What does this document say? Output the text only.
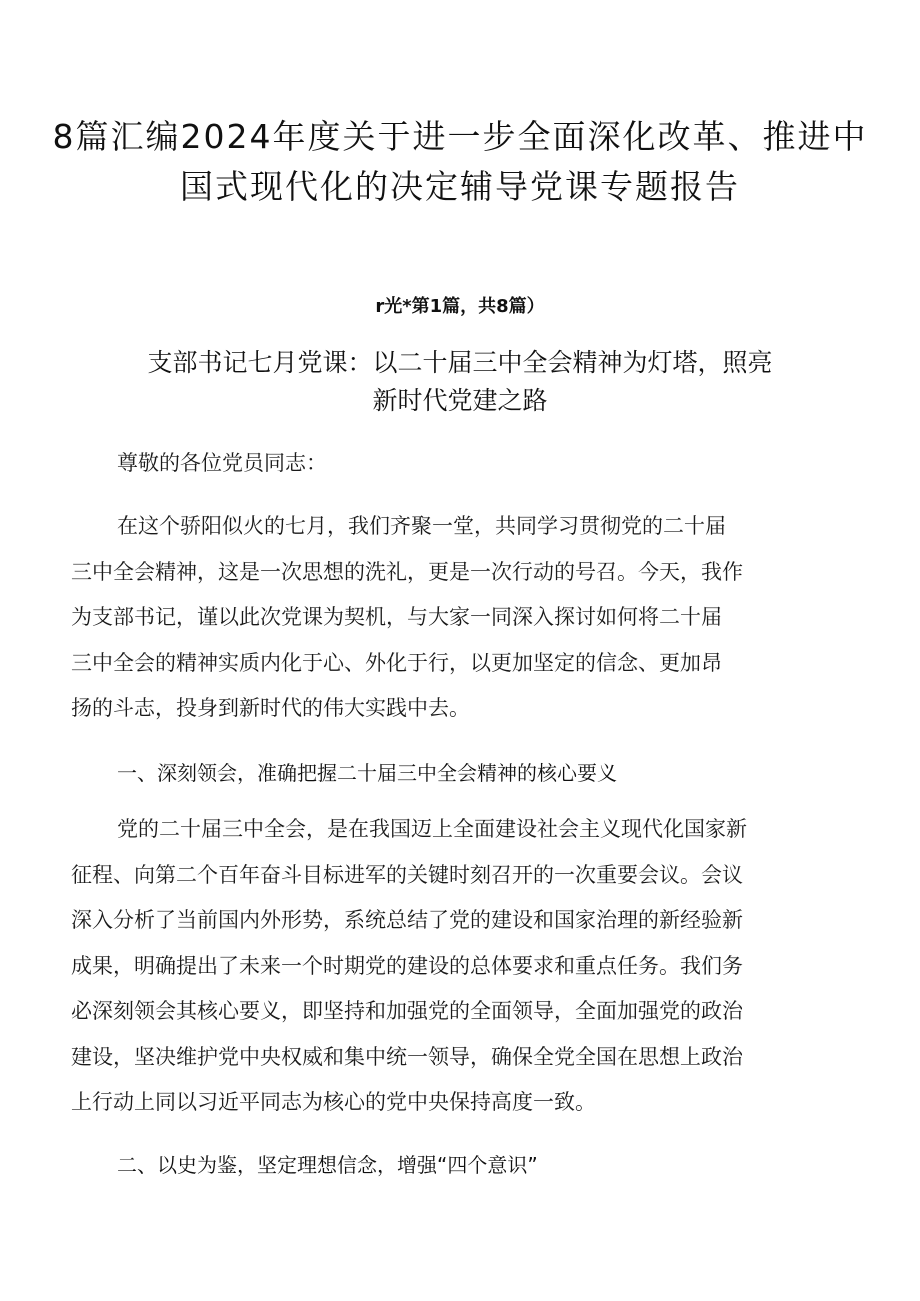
8篇汇编2024年度关于进一步全面深化改革、推进中
国式现代化的决定辅导党课专题报告
r光*第1篇，共8篇）
支部书记七月党课：以二十届三中全会精神为灯塔，照亮
新时代党建之路
尊敬的各位党员同志：
在这个骄阳似火的七月，我们齐聚一堂，共同学习贯彻党的二十届
三中全会精神，这是一次思想的洗礼，更是一次行动的号召。今天，我作
为支部书记，谨以此次党课为契机，与大家一同深入探讨如何将二十届
三中全会的精神实质内化于心、外化于行，以更加坚定的信念、更加昂
扬的斗志，投身到新时代的伟大实践中去。
一、深刻领会，准确把握二十届三中全会精神的核心要义
党的二十届三中全会，是在我国迈上全面建设社会主义现代化国家新
征程、向第二个百年奋斗目标进军的关键时刻召开的一次重要会议。会议
深入分析了当前国内外形势，系统总结了党的建设和国家治理的新经验新
成果，明确提出了未来一个时期党的建设的总体要求和重点任务。我们务
必深刻领会其核心要义，即坚持和加强党的全面领导，全面加强党的政治
建设，坚决维护党中央权威和集中统一领导，确保全党全国在思想上政治
上行动上同以习近平同志为核心的党中央保持高度一致。
二、以史为鉴，坚定理想信念，增强“四个意识”
